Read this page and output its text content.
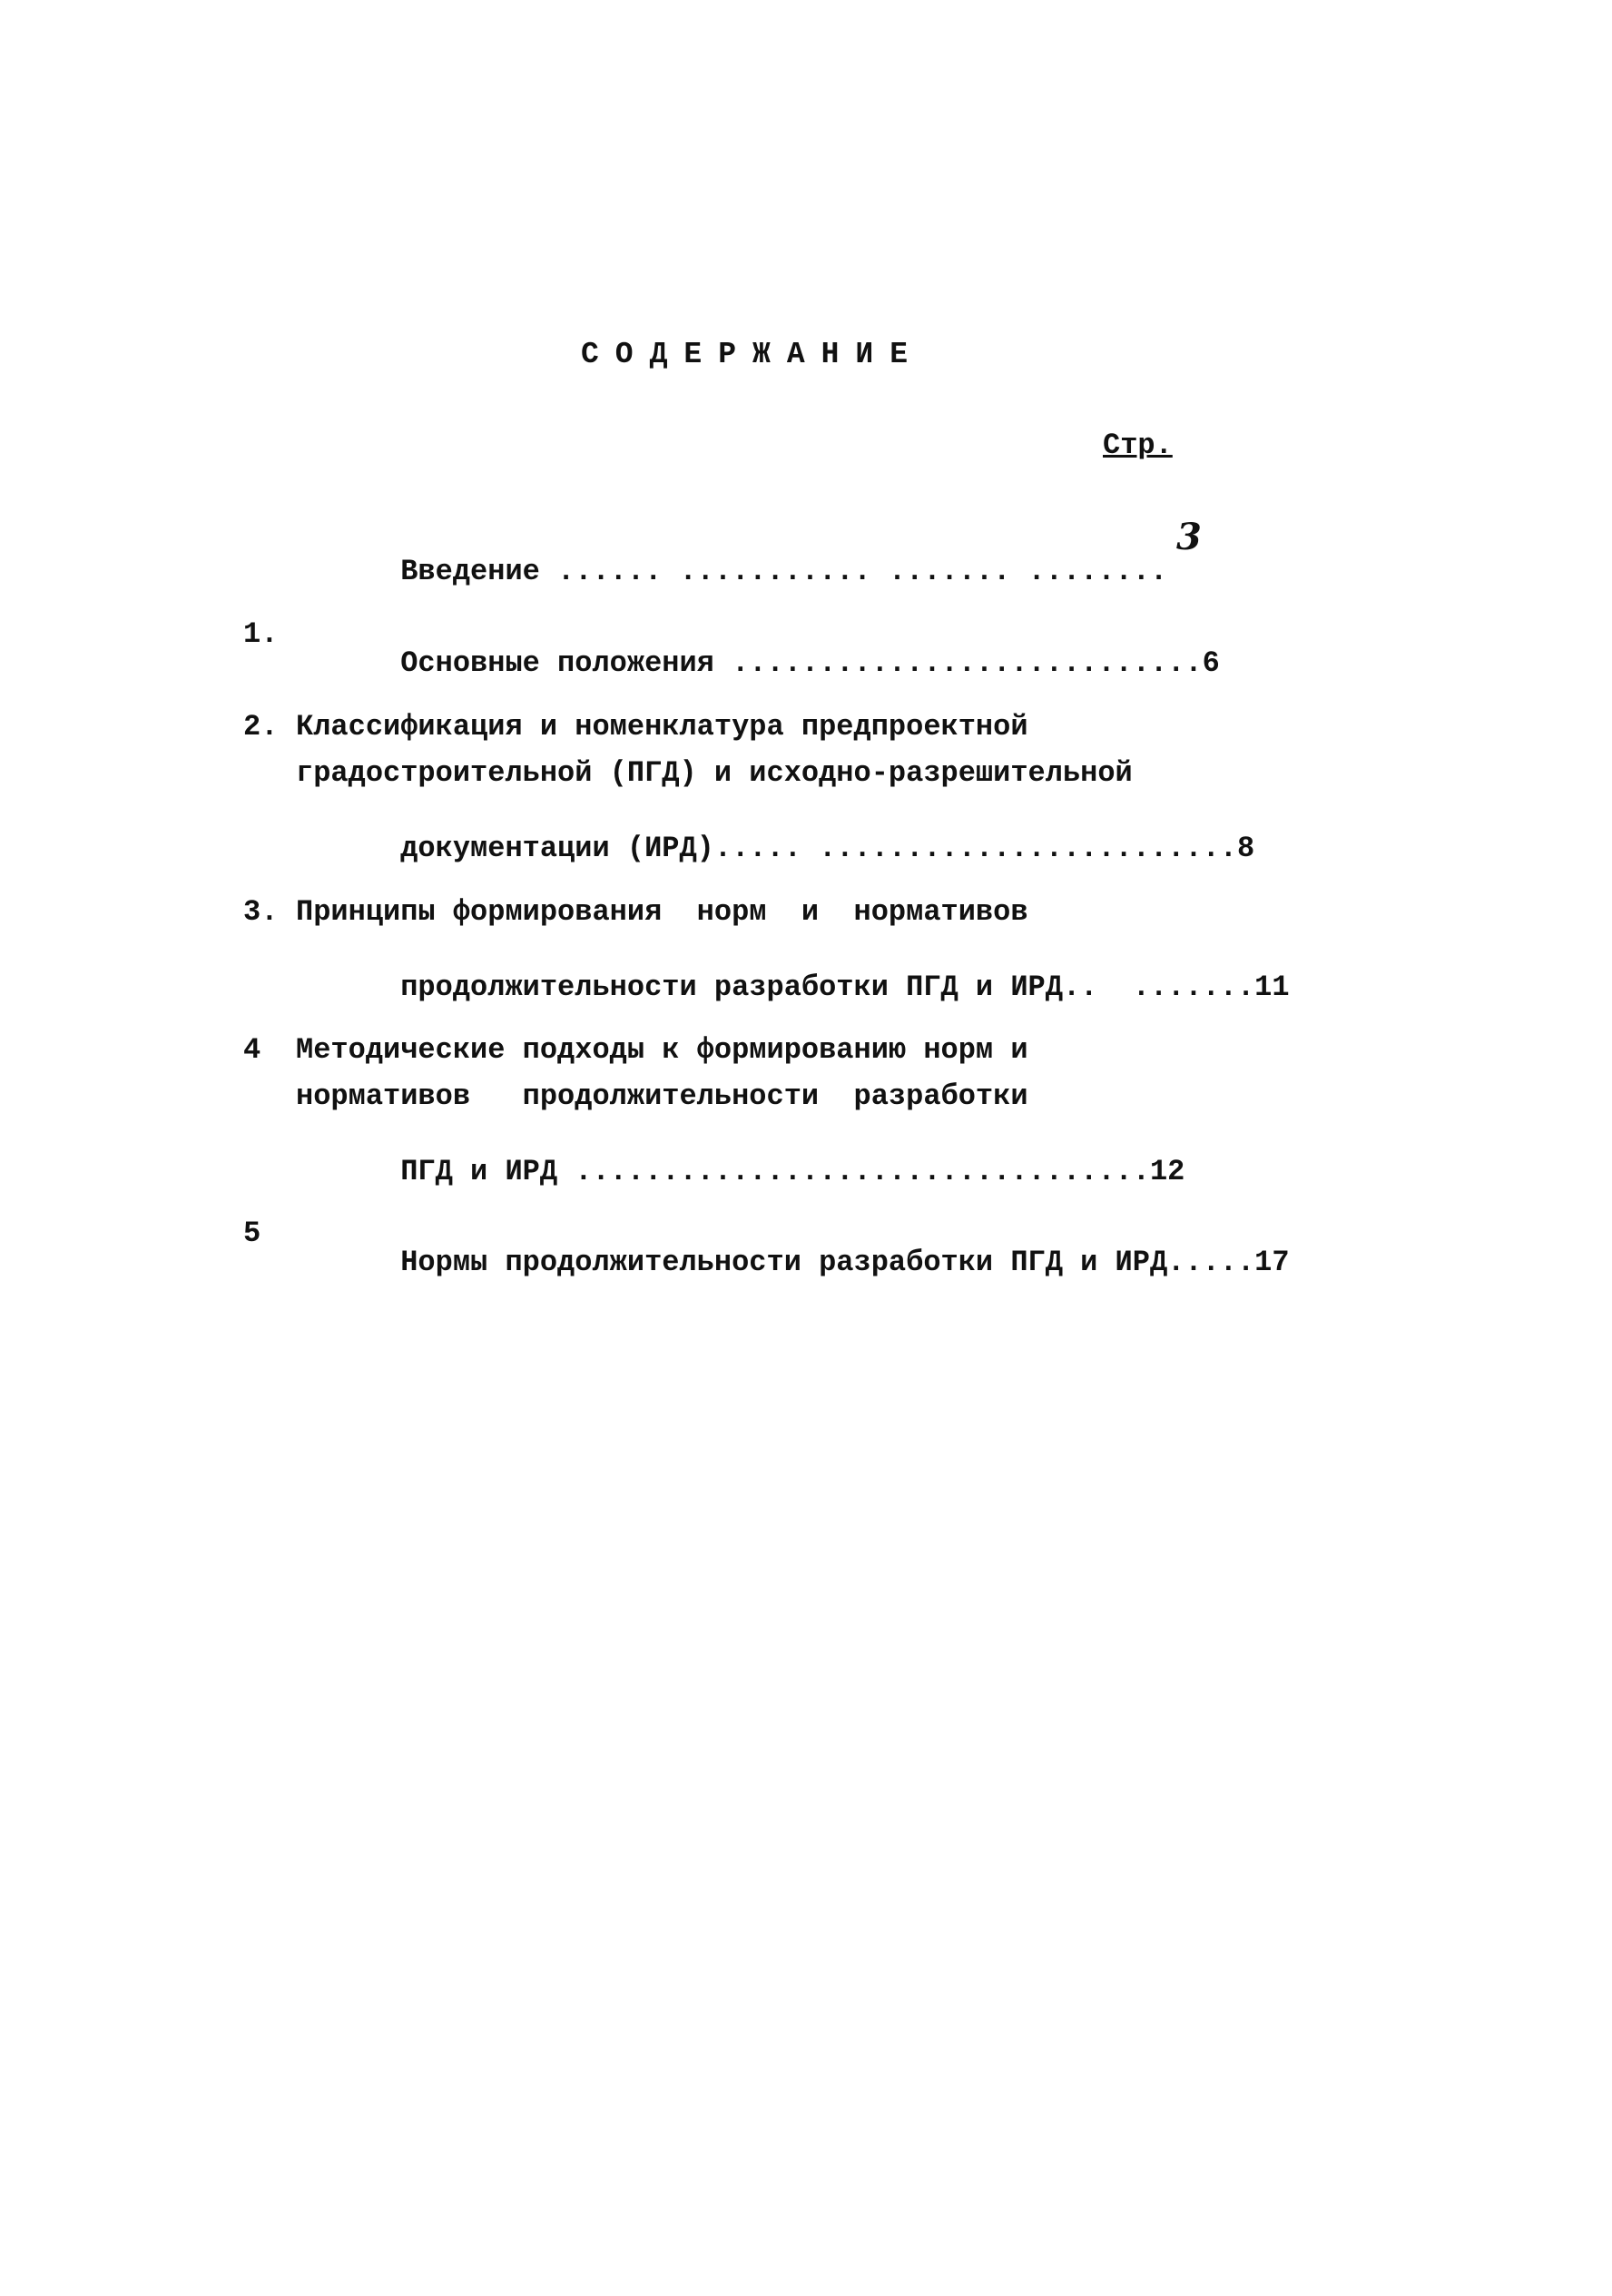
СОДЕРЖАНИЕ
Стр.

Введение ...... ........... ....... ........

3
1.

Основные положения ...........................6

2. Классификация и номенклатура предпроектной
градостроительной (ПГД) и исходно-разрешительной

документации (ИРД)..... ........................8

3. Принципы формирования  норм  и  нормативов

продолжительности разработки ПГД и ИРД..  .......11

4 Методические подходы к формированию норм и
нормативов   продолжительности  разработки

ПГД и ИРД .................................12

5

Нормы продолжительности разработки ПГД и ИРД.....17
